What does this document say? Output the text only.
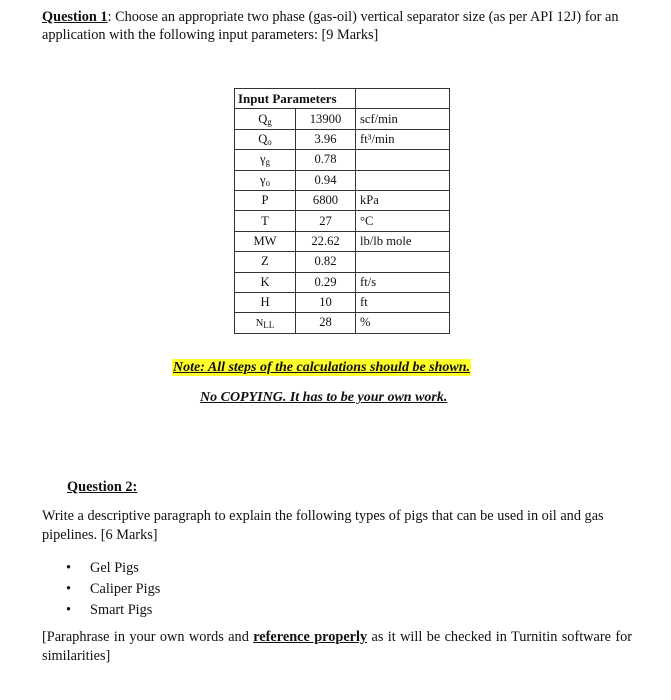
Question 1: Choose an appropriate two phase (gas-oil) vertical separator size (as per API 12J) for an application with the following input parameters: [9 Marks]
Input Parameters		
$Q_g$	13900	scf/min
$Q_o$	3.96	ft³/min
$\gamma_g$	0.78	
$\gamma_o$	0.94	
P	6800	kPa
T	27	°C
MW	22.62	lb/lb mole
Z	0.82	
K	0.29	ft/s
H	10	ft
$N_{LL}$	28	%
Note: All steps of the calculations should be shown.
No COPYING. It has to be your own work.
Question 2:
Write a descriptive paragraph to explain the following types of pigs that can be used in oil and gas pipelines. [6 Marks]
• Gel Pigs
• Caliper Pigs
• Smart Pigs
[Paraphrase in your own words and reference properly as it will be checked in Turnitin software for similarities]
